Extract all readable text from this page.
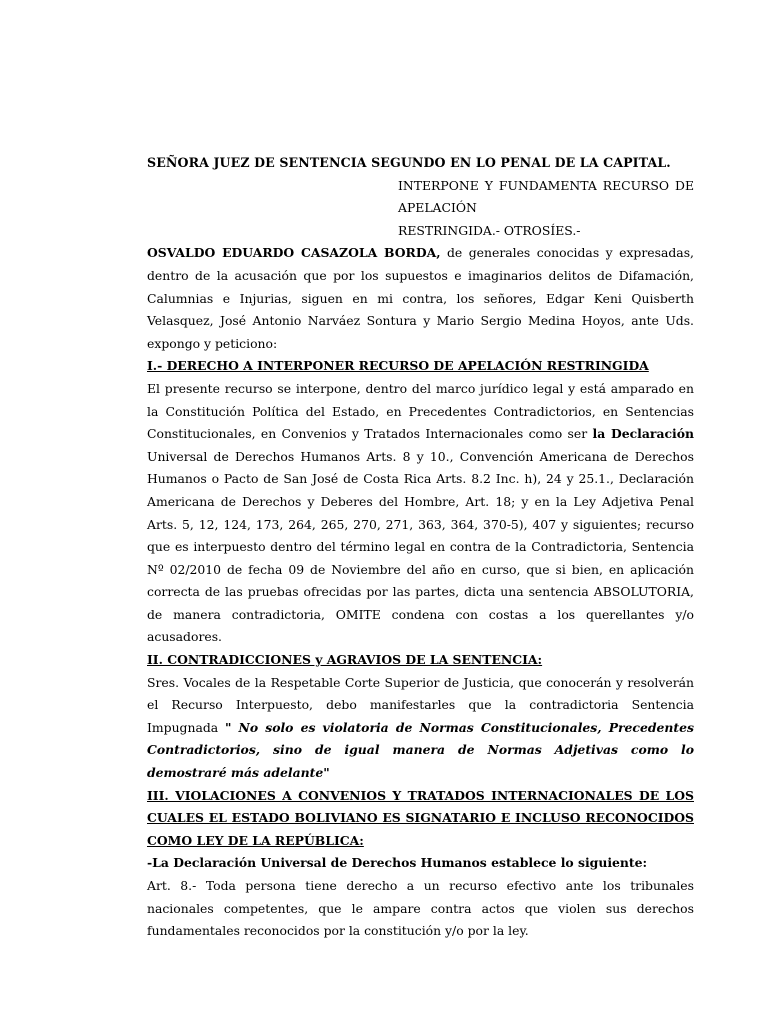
SEÑORA JUEZ DE SENTENCIA SEGUNDO EN LO PENAL DE LA CAPITAL.

INTERPONE Y FUNDAMENTA RECURSO DE APELACIÓN
RESTRINGIDA.- OTROSÍES.-

OSVALDO EDUARDO CASAZOLA BORDA, de generales conocidas y expresadas, dentro de la acusación que por los supuestos e imaginarios delitos de Difamación, Calumnias e Injurias, siguen en mi contra, los señores, Edgar Keni Quisberth Velasquez, José Antonio Narváez Sontura y Mario Sergio Medina Hoyos, ante Uds. expongo y peticiono:

I.- DERECHO A INTERPONER RECURSO DE APELACIÓN RESTRINGIDA

El presente recurso se interpone, dentro del marco jurídico legal y está amparado en la Constitución Política del Estado, en Precedentes Contradictorios, en Sentencias Constitucionales, en Convenios y Tratados Internacionales como ser la Declaración Universal de Derechos Humanos Arts. 8 y 10., Convención Americana de Derechos Humanos o Pacto de San José de Costa Rica Arts. 8.2 Inc. h), 24 y 25.1., Declaración Americana de Derechos y Deberes del Hombre, Art. 18; y en la Ley Adjetiva Penal Arts. 5, 12, 124, 173, 264, 265, 270, 271, 363, 364, 370-5), 407 y siguientes; recurso que es interpuesto dentro del término legal en contra de la Contradictoria, Sentencia Nº 02/2010 de fecha 09 de Noviembre del año en curso, que si bien, en aplicación correcta de las pruebas ofrecidas por las partes, dicta una sentencia ABSOLUTORIA, de manera contradictoria, OMITE condena con costas a los querellantes y/o acusadores.

II. CONTRADICCIONES y AGRAVIOS DE LA SENTENCIA:

Sres. Vocales de la Respetable Corte Superior de Justicia, que conocerán y resolverán el Recurso Interpuesto, debo manifestarles que la contradictoria Sentencia Impugnada " No solo es violatoria de Normas Constitucionales, Precedentes Contradictorios, sino de igual manera de Normas Adjetivas como lo demostraré más adelante"

III. VIOLACIONES A CONVENIOS Y TRATADOS INTERNACIONALES DE LOS CUALES EL ESTADO BOLIVIANO ES SIGNATARIO E INCLUSO RECONOCIDOS COMO LEY DE LA REPÚBLICA:

-La Declaración Universal de Derechos Humanos establece lo siguiente:

Art. 8.- Toda persona tiene derecho a un recurso efectivo ante los tribunales nacionales competentes, que le ampare contra actos que violen sus derechos fundamentales reconocidos por la constitución y/o por la ley.
